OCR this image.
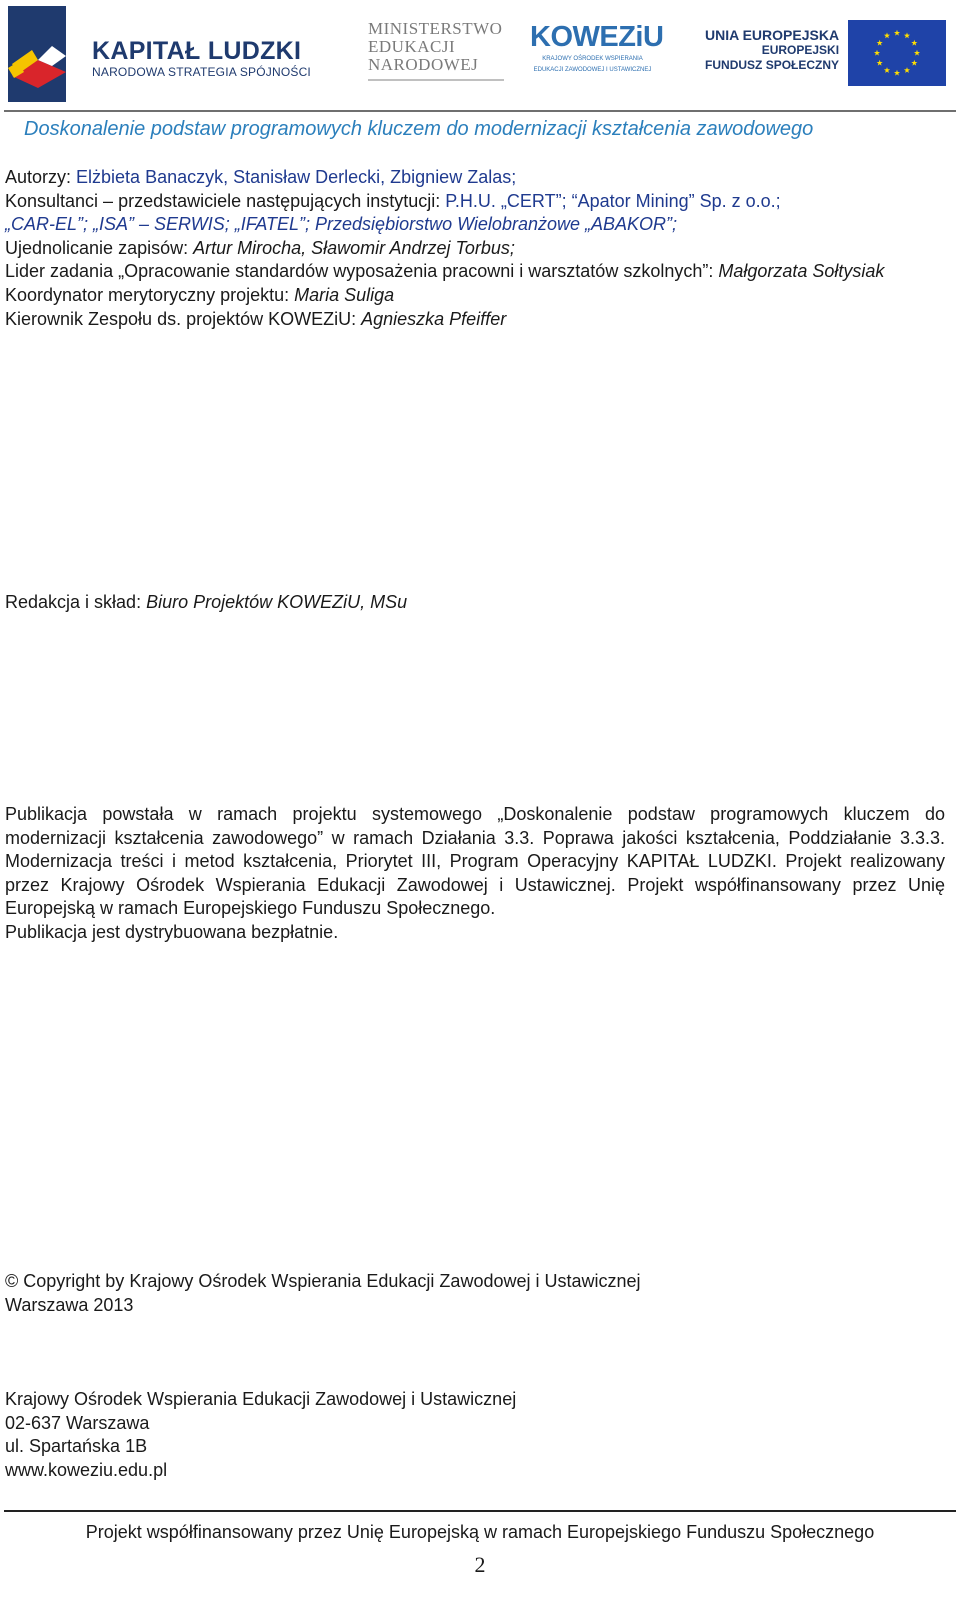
KAPITAŁ LUDZKI
NARODOWA STRATEGIA SPÓJNOŚCI
MINISTERSTWO
EDUKACJI
NARODOWEJ
KOWEZiU
KRAJOWY OŚRODEK WSPIERANIA
EDUKACJI ZAWODOWEJ I USTAWICZNEJ
UNIA EUROPEJSKA
EUROPEJSKI
FUNDUSZ SPOŁECZNY
Doskonalenie podstaw programowych kluczem do modernizacji kształcenia zawodowego

Autorzy: Elżbieta Banaczyk, Stanisław Derlecki, Zbigniew Zalas;

Konsultanci – przedstawiciele następujących instytucji: P.H.U. „CERT”; “Apator Mining” Sp. z o.o.;

„CAR-EL”; „ISA” – SERWIS; „IFATEL”; Przedsiębiorstwo Wielobranżowe „ABAKOR”;

Ujednolicanie zapisów: Artur Mirocha, Sławomir Andrzej Torbus;

Lider zadania „Opracowanie standardów wyposażenia pracowni i warsztatów szkolnych”: Małgorzata Sołtysiak

Koordynator merytoryczny projektu: Maria Suliga

Kierownik Zespołu ds. projektów KOWEZiU: Agnieszka Pfeiffer

Redakcja i skład: Biuro Projektów KOWEZiU, MSu

Publikacja powstała w ramach projektu systemowego „Doskonalenie podstaw programowych kluczem do modernizacji kształcenia zawodowego” w ramach Działania 3.3. Poprawa jakości kształcenia, Poddziałanie 3.3.3. Modernizacja treści i metod kształcenia, Priorytet III, Program Operacyjny KAPITAŁ LUDZKI. Projekt realizowany przez Krajowy Ośrodek Wspierania Edukacji Zawodowej i Ustawicznej. Projekt współfinansowany przez Unię Europejską w ramach Europejskiego Funduszu Społecznego.

Publikacja jest dystrybuowana bezpłatnie.

© Copyright by Krajowy Ośrodek Wspierania Edukacji Zawodowej i Ustawicznej

Warszawa 2013

Krajowy Ośrodek Wspierania Edukacji Zawodowej i Ustawicznej

02-637 Warszawa

ul. Spartańska 1B

www.koweziu.edu.pl

Projekt współfinansowany przez Unię Europejską w ramach Europejskiego Funduszu Społecznego
2
